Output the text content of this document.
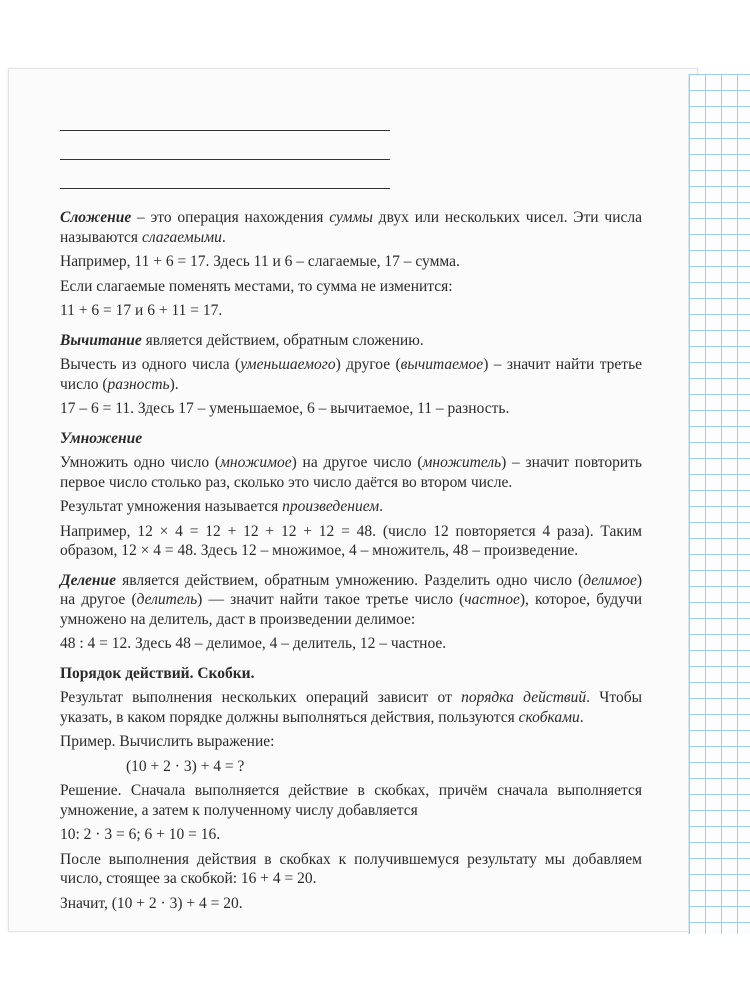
Сложение – это операция нахождения суммы двух или нескольких чисел. Эти числа называются слагаемыми.

Например, 11 + 6 = 17. Здесь 11 и 6 – слагаемые, 17 – сумма.

Если слагаемые поменять местами, то сумма не изменится:

11 + 6 = 17 и 6 + 11 = 17.

Вычитание является действием, обратным сложению.

Вычесть из одного числа (уменьшаемого) другое (вычитаемое) – значит найти третье число (разность).

17 – 6 = 11. Здесь 17 – уменьшаемое, 6 – вычитаемое, 11 – разность.

Умножение

Умножить одно число (множимое) на другое число (множитель) – значит повторить первое число столько раз, сколько это число даётся во втором числе.

Результат умножения называется произведением.

Например, 12 × 4 = 12 + 12 + 12 + 12 = 48. (число 12 повторяется 4 раза). Таким образом, 12 × 4 = 48. Здесь 12 – множимое, 4 – множитель, 48 – произведение.

Деление является действием, обратным умножению. Разделить одно число (делимое) на другое (делитель) — значит найти такое третье число (частное), которое, будучи умножено на делитель, даст в произведении делимое:

48 : 4 = 12. Здесь 48 – делимое, 4 – делитель, 12 – частное.

Порядок действий. Скобки.

Результат выполнения нескольких операций зависит от порядка действий. Чтобы указать, в каком порядке должны выполняться действия, пользуются скобками.

Пример. Вычислить выражение:

(10 + 2 · 3) + 4 = ?

Решение. Сначала выполняется действие в скобках, причём сначала выполняется умножение, а затем к полученному числу добавляется

10: 2 · 3 = 6; 6 + 10 = 16.

После выполнения действия в скобках к получившемуся результату мы добавляем число, стоящее за скобкой: 16 + 4 = 20.

Значит, (10 + 2 · 3) + 4 = 20.
